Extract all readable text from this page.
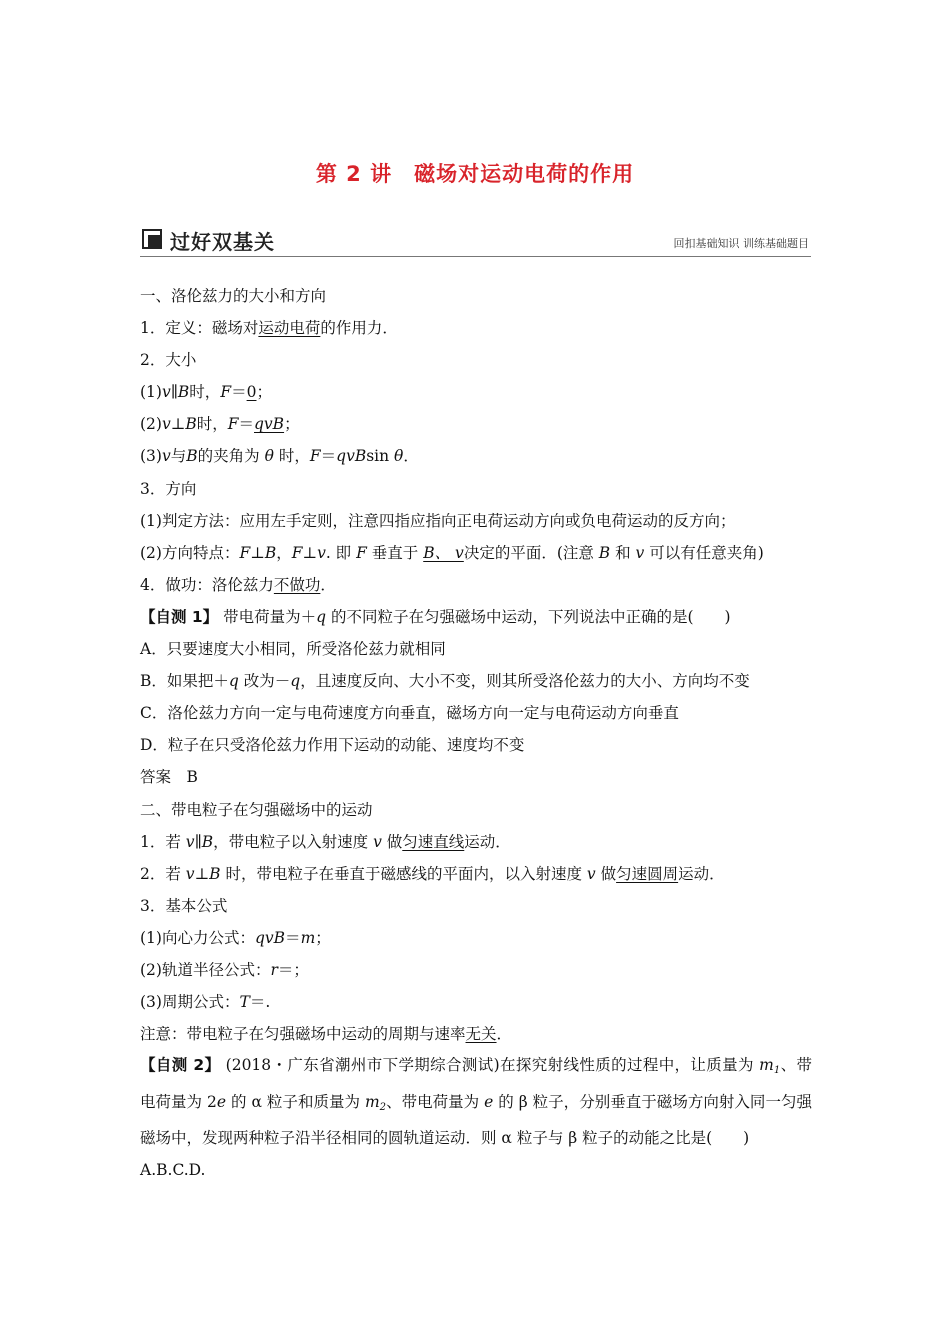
第 2 讲 磁场对运动电荷的作用
过好双基关	回扣基础知识 训练基础题目
一、洛伦兹力的大小和方向
1．定义：磁场对运动电荷的作用力．
2．大小
(1)v∥B时，F＝0；
(2)v⊥B时，F＝qvB；
(3)v与B的夹角为 θ 时，F＝qvBsin θ．
3．方向
(1)判定方法：应用左手定则，注意四指应指向正电荷运动方向或负电荷运动的反方向；
(2)方向特点：F⊥B，F⊥v. 即 F 垂直于 B、 v决定的平面．(注意 B 和 v 可以有任意夹角)
4．做功：洛伦兹力不做功．
【自测 1】 带电荷量为＋q 的不同粒子在匀强磁场中运动，下列说法中正确的是(　　)
A．只要速度大小相同，所受洛伦兹力就相同
B．如果把＋q 改为－q，且速度反向、大小不变，则其所受洛伦兹力的大小、方向均不变
C．洛伦兹力方向一定与电荷速度方向垂直，磁场方向一定与电荷运动方向垂直
D．粒子在只受洛伦兹力作用下运动的动能、速度均不变
答案　B
二、带电粒子在匀强磁场中的运动
1．若 v∥B，带电粒子以入射速度 v 做匀速直线运动．
2．若 v⊥B 时，带电粒子在垂直于磁感线的平面内，以入射速度 v 做匀速圆周运动．
3．基本公式
(1)向心力公式：qvB＝m；
(2)轨道半径公式：r＝；
(3)周期公式：T＝.
注意：带电粒子在匀强磁场中运动的周期与速率无关．
【自测 2】 (2018・广东省潮州市下学期综合测试)在探究射线性质的过程中，让质量为 $m_1$、带电荷量为 2e 的 α 粒子和质量为 $m_2$、带电荷量为 e 的 β 粒子，分别垂直于磁场方向射入同一匀强磁场中，发现两种粒子沿半径相同的圆轨道运动．则 α 粒子与 β 粒子的动能之比是(　　)
A.B.C.D.
